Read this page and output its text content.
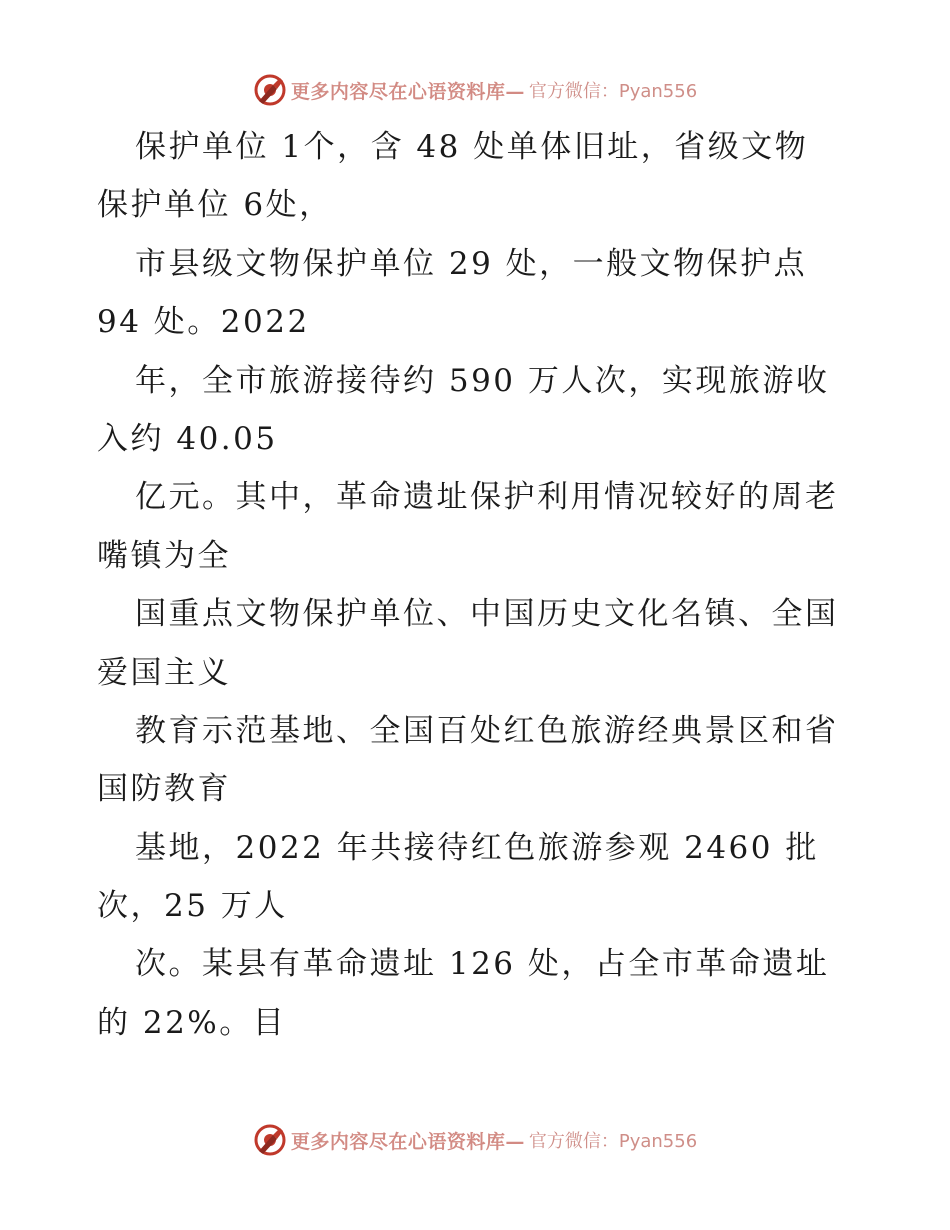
更多内容尽在心语资料库— 官方微信：Pyan556
保护单位 1个，含 48 处单体旧址，省级文物
保护单位 6处，
市县级文物保护单位 29 处，一般文物保护点
94 处。2022
年，全市旅游接待约 590 万人次，实现旅游收
入约 40.05
亿元。其中，革命遗址保护利用情况较好的周老
嘴镇为全
国重点文物保护单位、中国历史文化名镇、全国
爱国主义
教育示范基地、全国百处红色旅游经典景区和省
国防教育
基地，2022 年共接待红色旅游参观 2460 批
次，25 万人
次。某县有革命遗址 126 处，占全市革命遗址
的 22%。目
更多内容尽在心语资料库— 官方微信：Pyan556
